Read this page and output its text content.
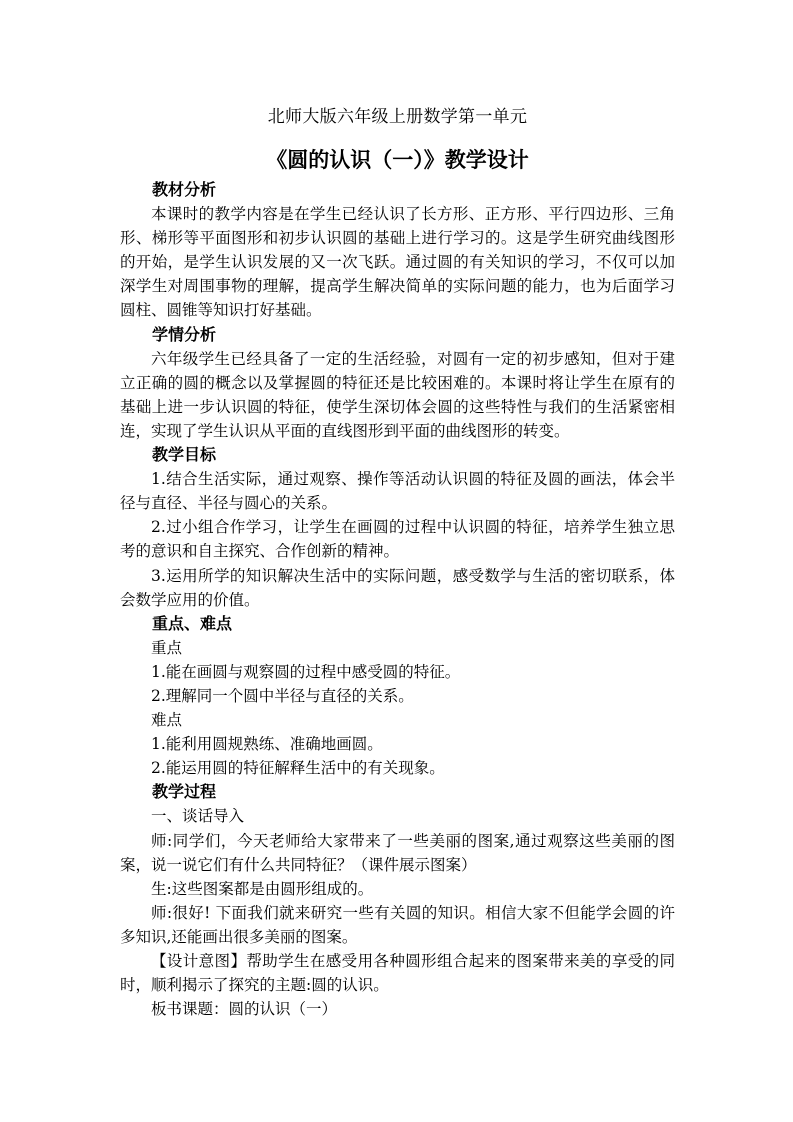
北师大版六年级上册数学第一单元

《圆的认识（一）》教学设计

教材分析

本课时的教学内容是在学生已经认识了长方形、正方形、平行四边形、三角形、梯形等平面图形和初步认识圆的基础上进行学习的。这是学生研究曲线图形的开始，是学生认识发展的又一次飞跃。通过圆的有关知识的学习，不仅可以加深学生对周围事物的理解，提高学生解决简单的实际问题的能力，也为后面学习圆柱、圆锥等知识打好基础。

学情分析

六年级学生已经具备了一定的生活经验，对圆有一定的初步感知，但对于建立正确的圆的概念以及掌握圆的特征还是比较困难的。本课时将让学生在原有的基础上进一步认识圆的特征，使学生深切体会圆的这些特性与我们的生活紧密相连，实现了学生认识从平面的直线图形到平面的曲线图形的转变。

教学目标

1.结合生活实际，通过观察、操作等活动认识圆的特征及圆的画法，体会半径与直径、半径与圆心的关系。

2.过小组合作学习，让学生在画圆的过程中认识圆的特征，培养学生独立思考的意识和自主探究、合作创新的精神。

3.运用所学的知识解决生活中的实际问题，感受数学与生活的密切联系，体会数学应用的价值。

重点、难点

重点

1.能在画圆与观察圆的过程中感受圆的特征。

2.理解同一个圆中半径与直径的关系。

难点

1.能利用圆规熟练、准确地画圆。

2.能运用圆的特征解释生活中的有关现象。

教学过程

一、谈话导入

师:同学们，今天老师给大家带来了一些美丽的图案,通过观察这些美丽的图案，说一说它们有什么共同特征？（课件展示图案）

生:这些图案都是由圆形组成的。

师:很好! 下面我们就来研究一些有关圆的知识。相信大家不但能学会圆的许多知识,还能画出很多美丽的图案。

【设计意图】帮助学生在感受用各种圆形组合起来的图案带来美的享受的同时，顺利揭示了探究的主题:圆的认识。

板书课题：圆的认识（一）
